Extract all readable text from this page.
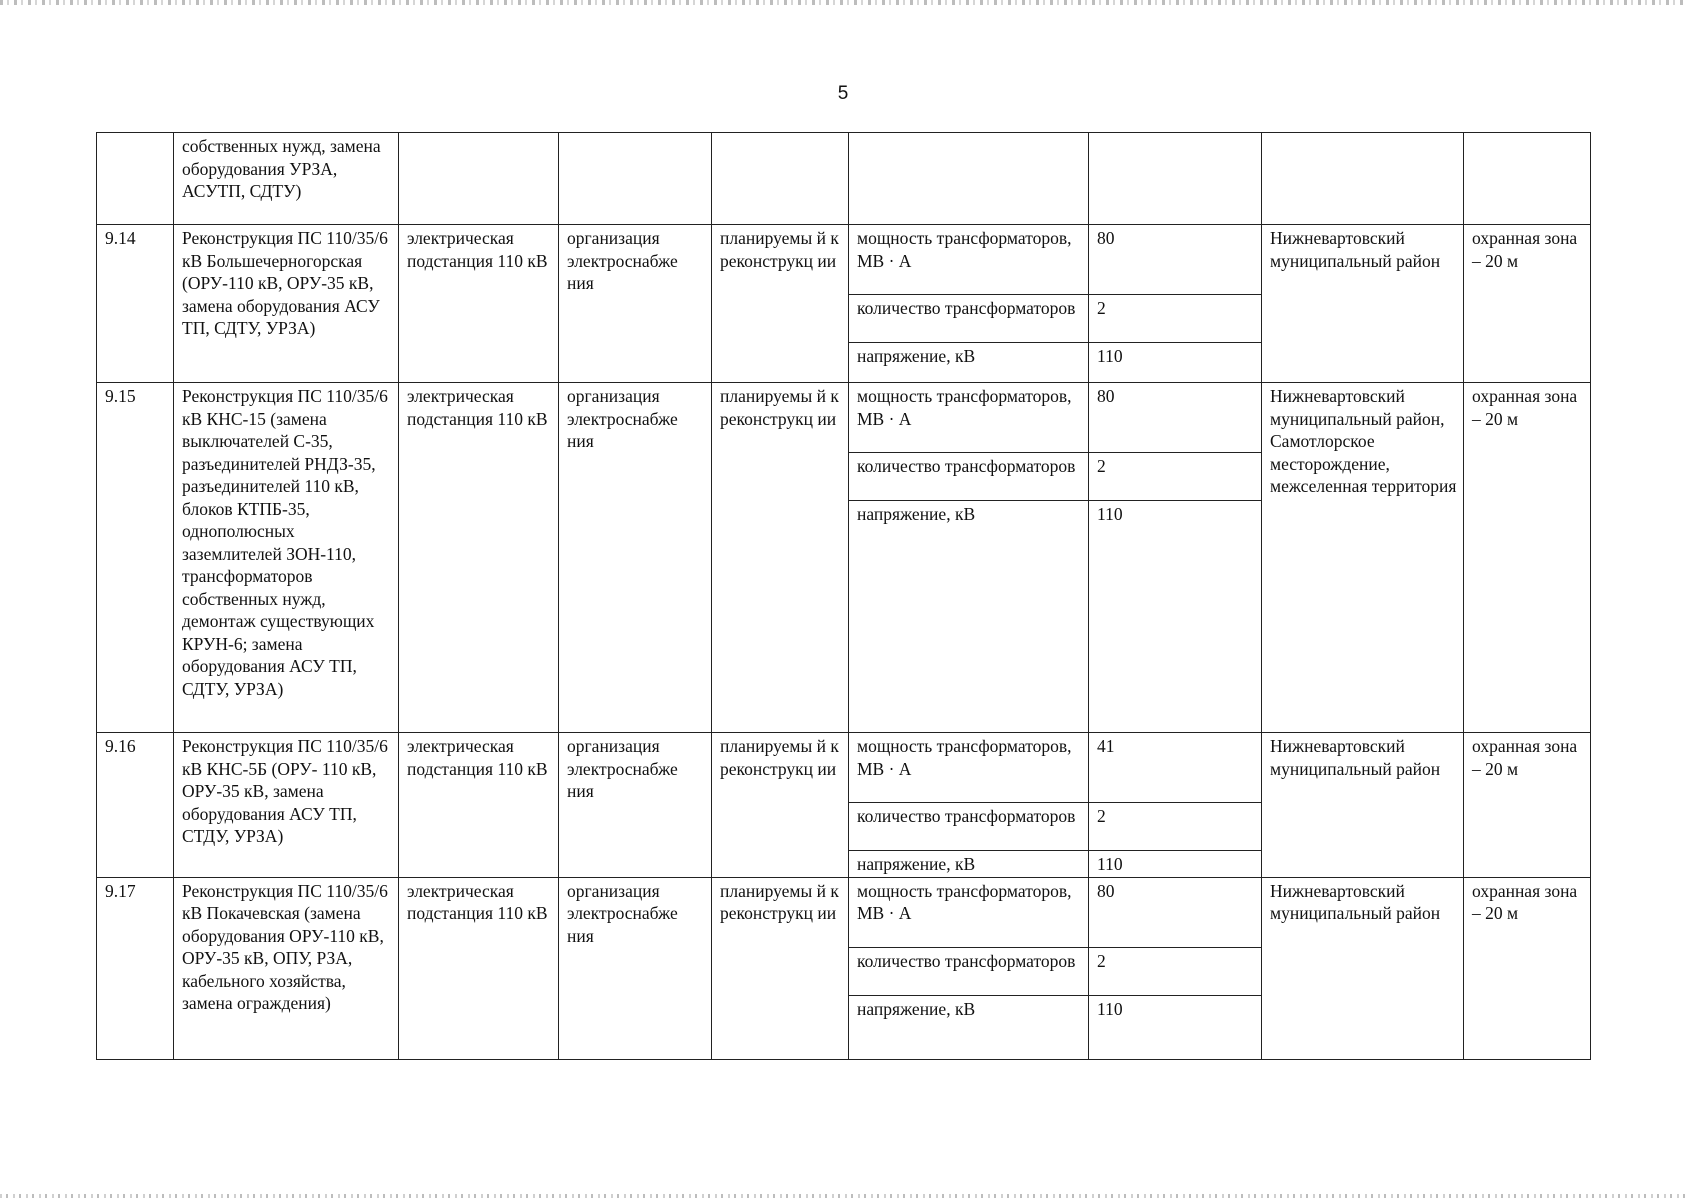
5
	собственных нужд, замена оборудования УРЗА, АСУТП, СДТУ)							
9.14	Реконструкция ПС 110/35/6 кВ Большечерногорская (ОРУ-110 кВ, ОРУ-35 кВ, замена оборудования АСУ ТП, СДТУ, УРЗА)	электрическая подстанция 110 кВ	организация электроснабже ния	планируемы й к реконструкц ии	мощность трансформаторов, МВ · А	80	Нижневартовский муниципальный район	охранная зона – 20 м
					количество трансформаторов	2		
					напряжение, кВ	110		
9.15	Реконструкция ПС 110/35/6 кВ КНС-15 (замена выключателей С-35, разъединителей РНДЗ-35, разъединителей 110 кВ, блоков КТПБ-35, однополюсных заземлителей ЗОН-110, трансформаторов собственных нужд, демонтаж существующих КРУН-6; замена оборудования АСУ ТП, СДТУ, УРЗА)	электрическая подстанция 110 кВ	организация электроснабже ния	планируемы й к реконструкц ии	мощность трансформаторов, МВ · А	80	Нижневартовский муниципальный район, Самотлорское месторождение, межселенная территория	охранная зона – 20 м
					количество трансформаторов	2		
					напряжение, кВ	110		
9.16	Реконструкция ПС 110/35/6 кВ КНС-5Б (ОРУ- 110 кВ, ОРУ-35 кВ, замена оборудования АСУ ТП, СТДУ, УРЗА)	электрическая подстанция 110 кВ	организация электроснабже ния	планируемы й к реконструкц ии	мощность трансформаторов, МВ · А	41	Нижневартовский муниципальный район	охранная зона – 20 м
					количество трансформаторов	2		
					напряжение, кВ	110		
9.17	Реконструкция ПС 110/35/6 кВ Покачевская (замена оборудования ОРУ-110 кВ, ОРУ-35 кВ, ОПУ, РЗА, кабельного хозяйства, замена ограждения)	электрическая подстанция 110 кВ	организация электроснабже ния	планируемы й к реконструкц ии	мощность трансформаторов, МВ · А	80	Нижневартовский муниципальный район	охранная зона – 20 м
					количество трансформаторов	2		
					напряжение, кВ	110		
